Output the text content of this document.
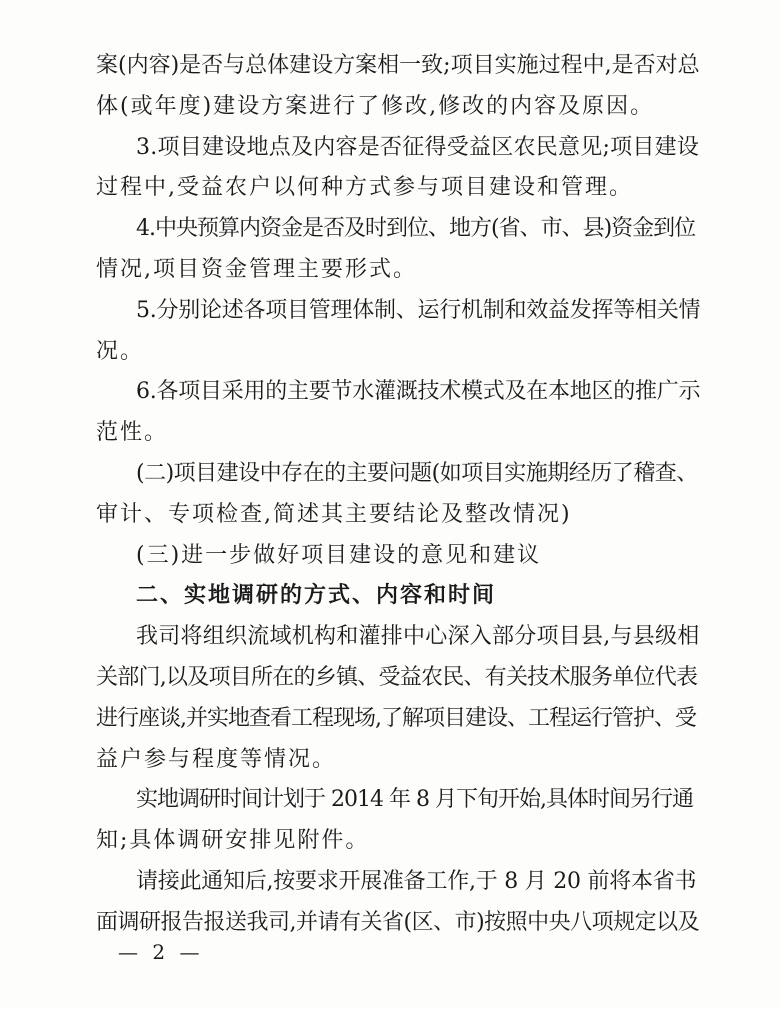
案(内容)是否与总体建设方案相一致;项目实施过程中,是否对总
体(或年度)建设方案进行了修改,修改的内容及原因。
3.项目建设地点及内容是否征得受益区农民意见;项目建设
过程中,受益农户以何种方式参与项目建设和管理。
4.中央预算内资金是否及时到位、地方(省、市、县)资金到位
情况,项目资金管理主要形式。
5.分别论述各项目管理体制、运行机制和效益发挥等相关情
况。
6.各项目采用的主要节水灌溉技术模式及在本地区的推广示
范性。
(二)项目建设中存在的主要问题(如项目实施期经历了稽查、
审计、专项检查,简述其主要结论及整改情况)
(三)进一步做好项目建设的意见和建议
二、实地调研的方式、内容和时间
我司将组织流域机构和灌排中心深入部分项目县,与县级相
关部门,以及项目所在的乡镇、受益农民、有关技术服务单位代表
进行座谈,并实地查看工程现场,了解项目建设、工程运行管护、受
益户参与程度等情况。
实地调研时间计划于 2014 年 8 月下旬开始,具体时间另行通
知;具体调研安排见附件。
请接此通知后,按要求开展准备工作,于 8 月 20 前将本省书
面调研报告报送我司,并请有关省(区、市)按照中央八项规定以及
— 2 —
